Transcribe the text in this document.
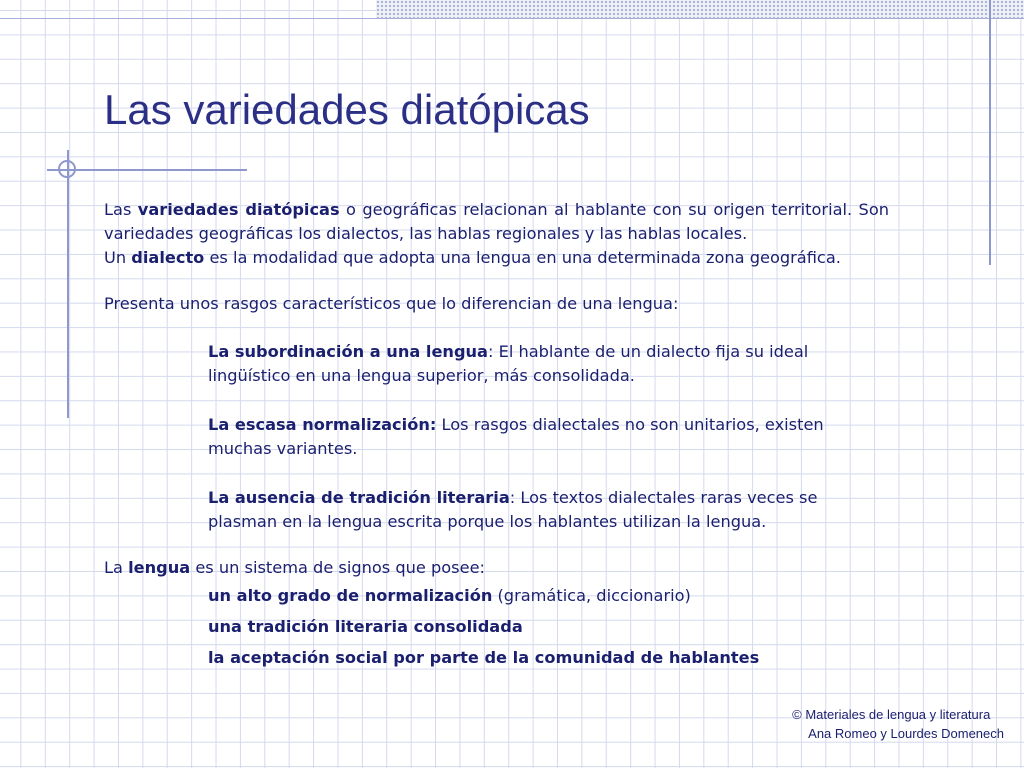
Las variedades diatópicas

Las variedades diatópicas o geográficas relacionan al hablante con su origen territorial. Son variedades geográficas los dialectos, las hablas regionales y las hablas locales.

Un dialecto es la modalidad que adopta una lengua en una determinada zona geográfica.

Presenta unos rasgos característicos que lo diferencian de una lengua:

La subordinación a una lengua: El hablante de un dialecto fija su ideal lingüístico en una lengua superior, más consolidada.

La escasa normalización: Los rasgos dialectales no son unitarios, existen muchas variantes.

La ausencia de tradición literaria: Los textos dialectales raras veces se plasman en la lengua escrita porque los hablantes utilizan la lengua.

La lengua es un sistema de signos que posee:

un alto grado de normalización (gramática, diccionario)

una tradición literaria consolidada

la aceptación social por parte de la comunidad de hablantes

© Materiales de lengua y literatura
Ana Romeo y Lourdes Domenech
